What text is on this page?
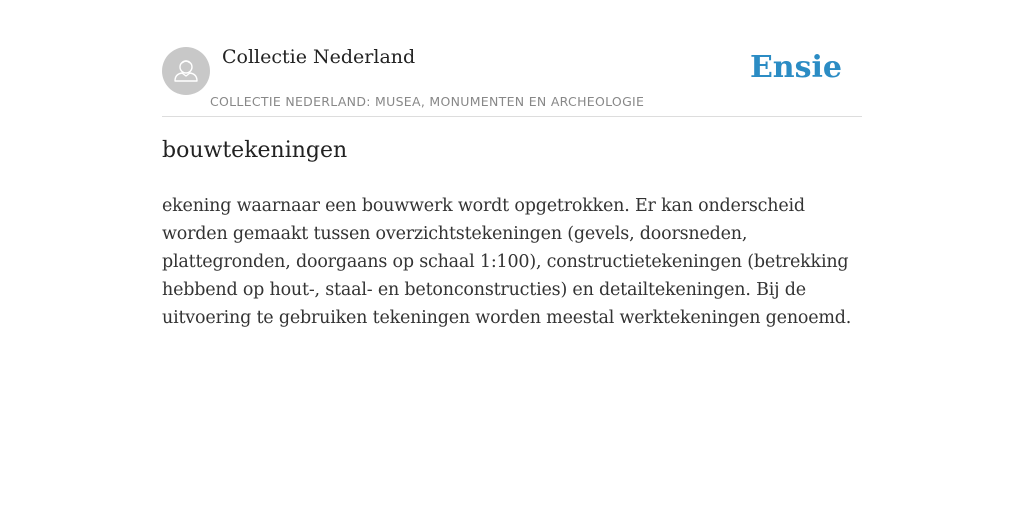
Collectie Nederland
COLLECTIE NEDERLAND: MUSEA, MONUMENTEN EN ARCHEOLOGIE
Ensie
bouwtekeningen

ekening waarnaar een bouwwerk wordt opgetrokken. Er kan onderscheid worden gemaakt tussen overzichtstekeningen (gevels, doorsneden, plattegronden, doorgaans op schaal 1:100), constructietekeningen (betrekking hebbend op hout-, staal- en betonconstructies) en detailtekeningen. Bij de uitvoering te gebruiken tekeningen worden meestal werktekeningen genoemd.
